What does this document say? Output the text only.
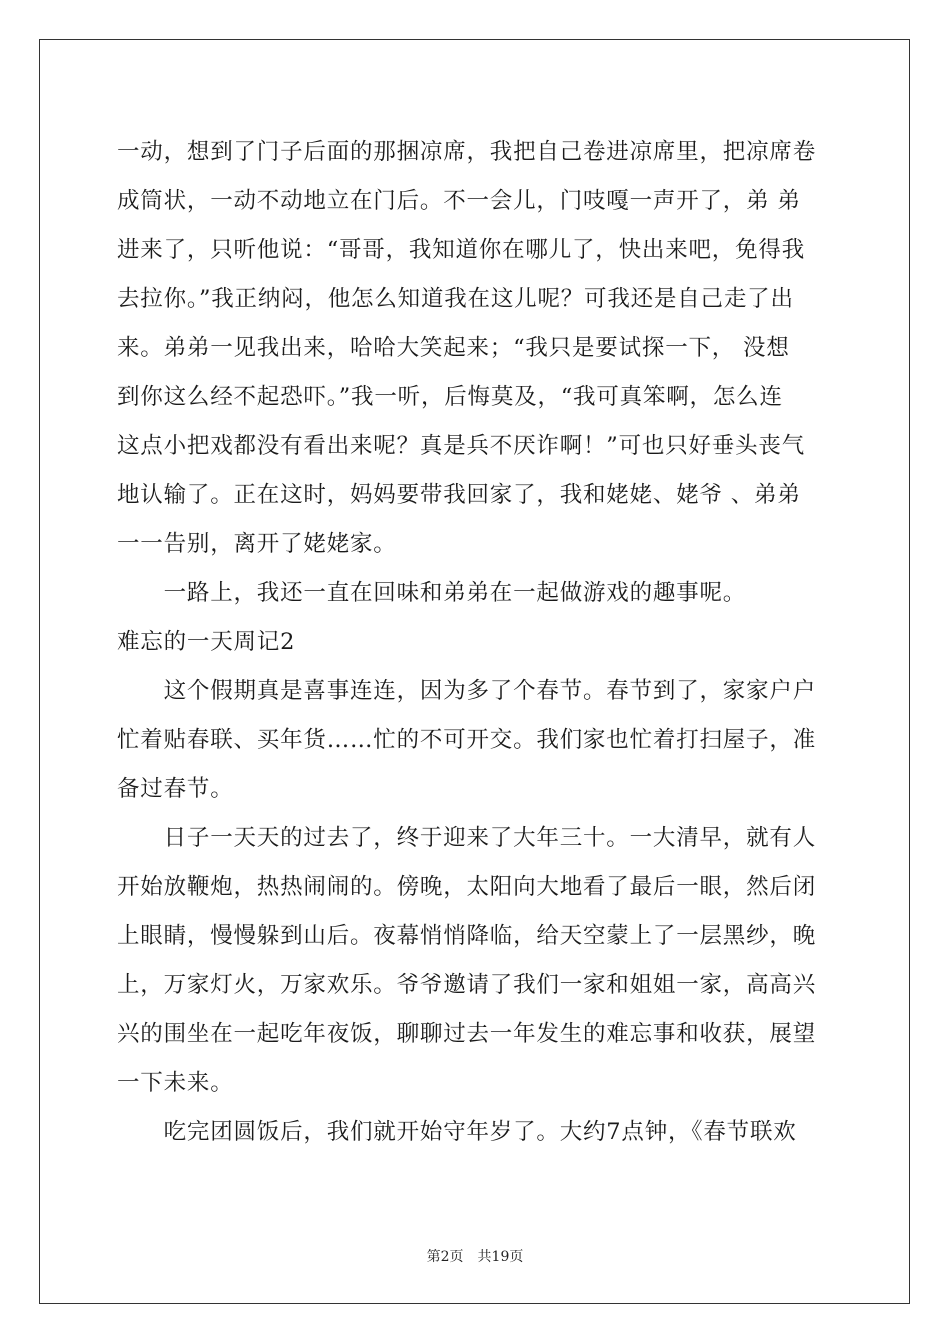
一动，想到了门子后面的那捆凉席，我把自己卷进凉席里，把凉席卷
成筒状，一动不动地立在门后。不一会儿，门吱嘎一声开了，弟 弟
进来了，只听他说：“哥哥，我知道你在哪儿了，快出来吧，免得我
去拉你。”我正纳闷，他怎么知道我在这儿呢？可我还是自己走了出
来。弟弟一见我出来，哈哈大笑起来；“我只是要试探一下， 没想
到你这么经不起恐吓。”我一听，后悔莫及，“我可真笨啊，怎么连
这点小把戏都没有看出来呢？真是兵不厌诈啊！”可也只好垂头丧气
地认输了。正在这时，妈妈要带我回家了，我和姥姥、姥爷 、弟弟
一一告别，离开了姥姥家。
　　一路上，我还一直在回味和弟弟在一起做游戏的趣事呢。
难忘的一天周记2
　　这个假期真是喜事连连，因为多了个春节。春节到了，家家户户
忙着贴春联、买年货……忙的不可开交。我们家也忙着打扫屋子，准
备过春节。
　　日子一天天的过去了，终于迎来了大年三十。一大清早，就有人
开始放鞭炮，热热闹闹的。傍晚，太阳向大地看了最后一眼，然后闭
上眼睛，慢慢躲到山后。夜幕悄悄降临，给天空蒙上了一层黑纱，晚
上，万家灯火，万家欢乐。爷爷邀请了我们一家和姐姐一家，高高兴
兴的围坐在一起吃年夜饭，聊聊过去一年发生的难忘事和收获，展望
一下未来。
　　吃完团圆饭后，我们就开始守年岁了。大约7点钟，《春节联欢
第2页　共19页
